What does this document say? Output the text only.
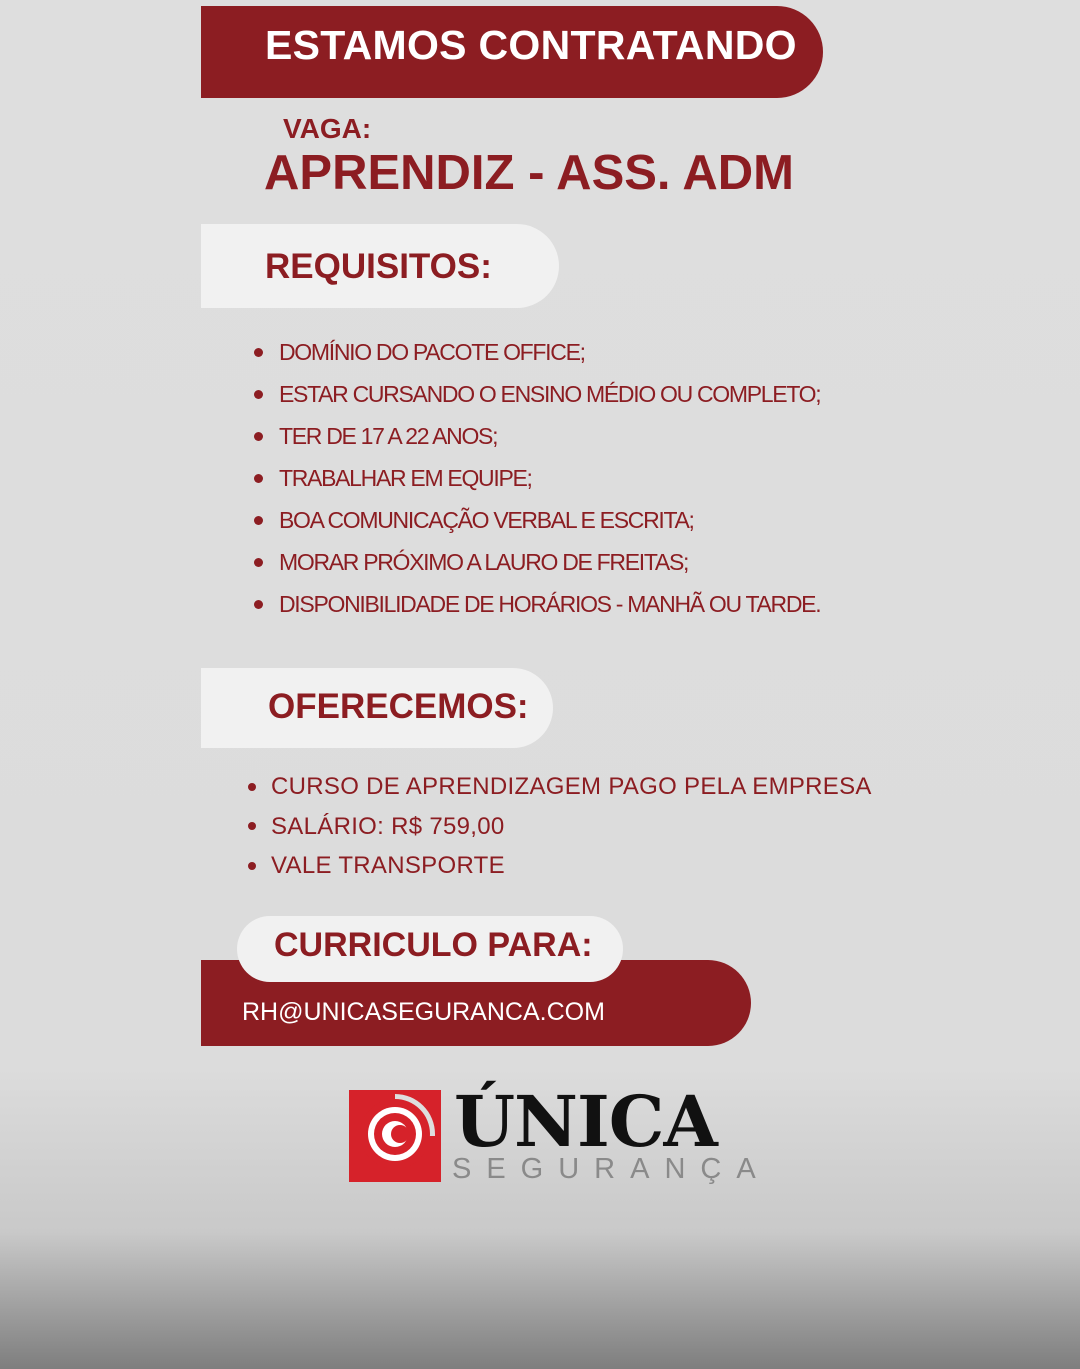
ESTAMOS CONTRATANDO
VAGA:
APRENDIZ - ASS. ADM
REQUISITOS:
DOMÍNIO DO PACOTE OFFICE;
ESTAR CURSANDO O ENSINO MÉDIO OU COMPLETO;
TER DE 17 A 22 ANOS;
TRABALHAR EM EQUIPE;
BOA COMUNICAÇÃO VERBAL E ESCRITA;
MORAR PRÓXIMO A LAURO DE FREITAS;
DISPONIBILIDADE DE HORÁRIOS - MANHÃ OU TARDE.
OFERECEMOS:
CURSO DE APRENDIZAGEM PAGO PELA EMPRESA
SALÁRIO: R$ 759,00
VALE TRANSPORTE
RH@UNICASEGURANCA.COM
CURRICULO PARA:
ÚNICA
SEGURANÇA
